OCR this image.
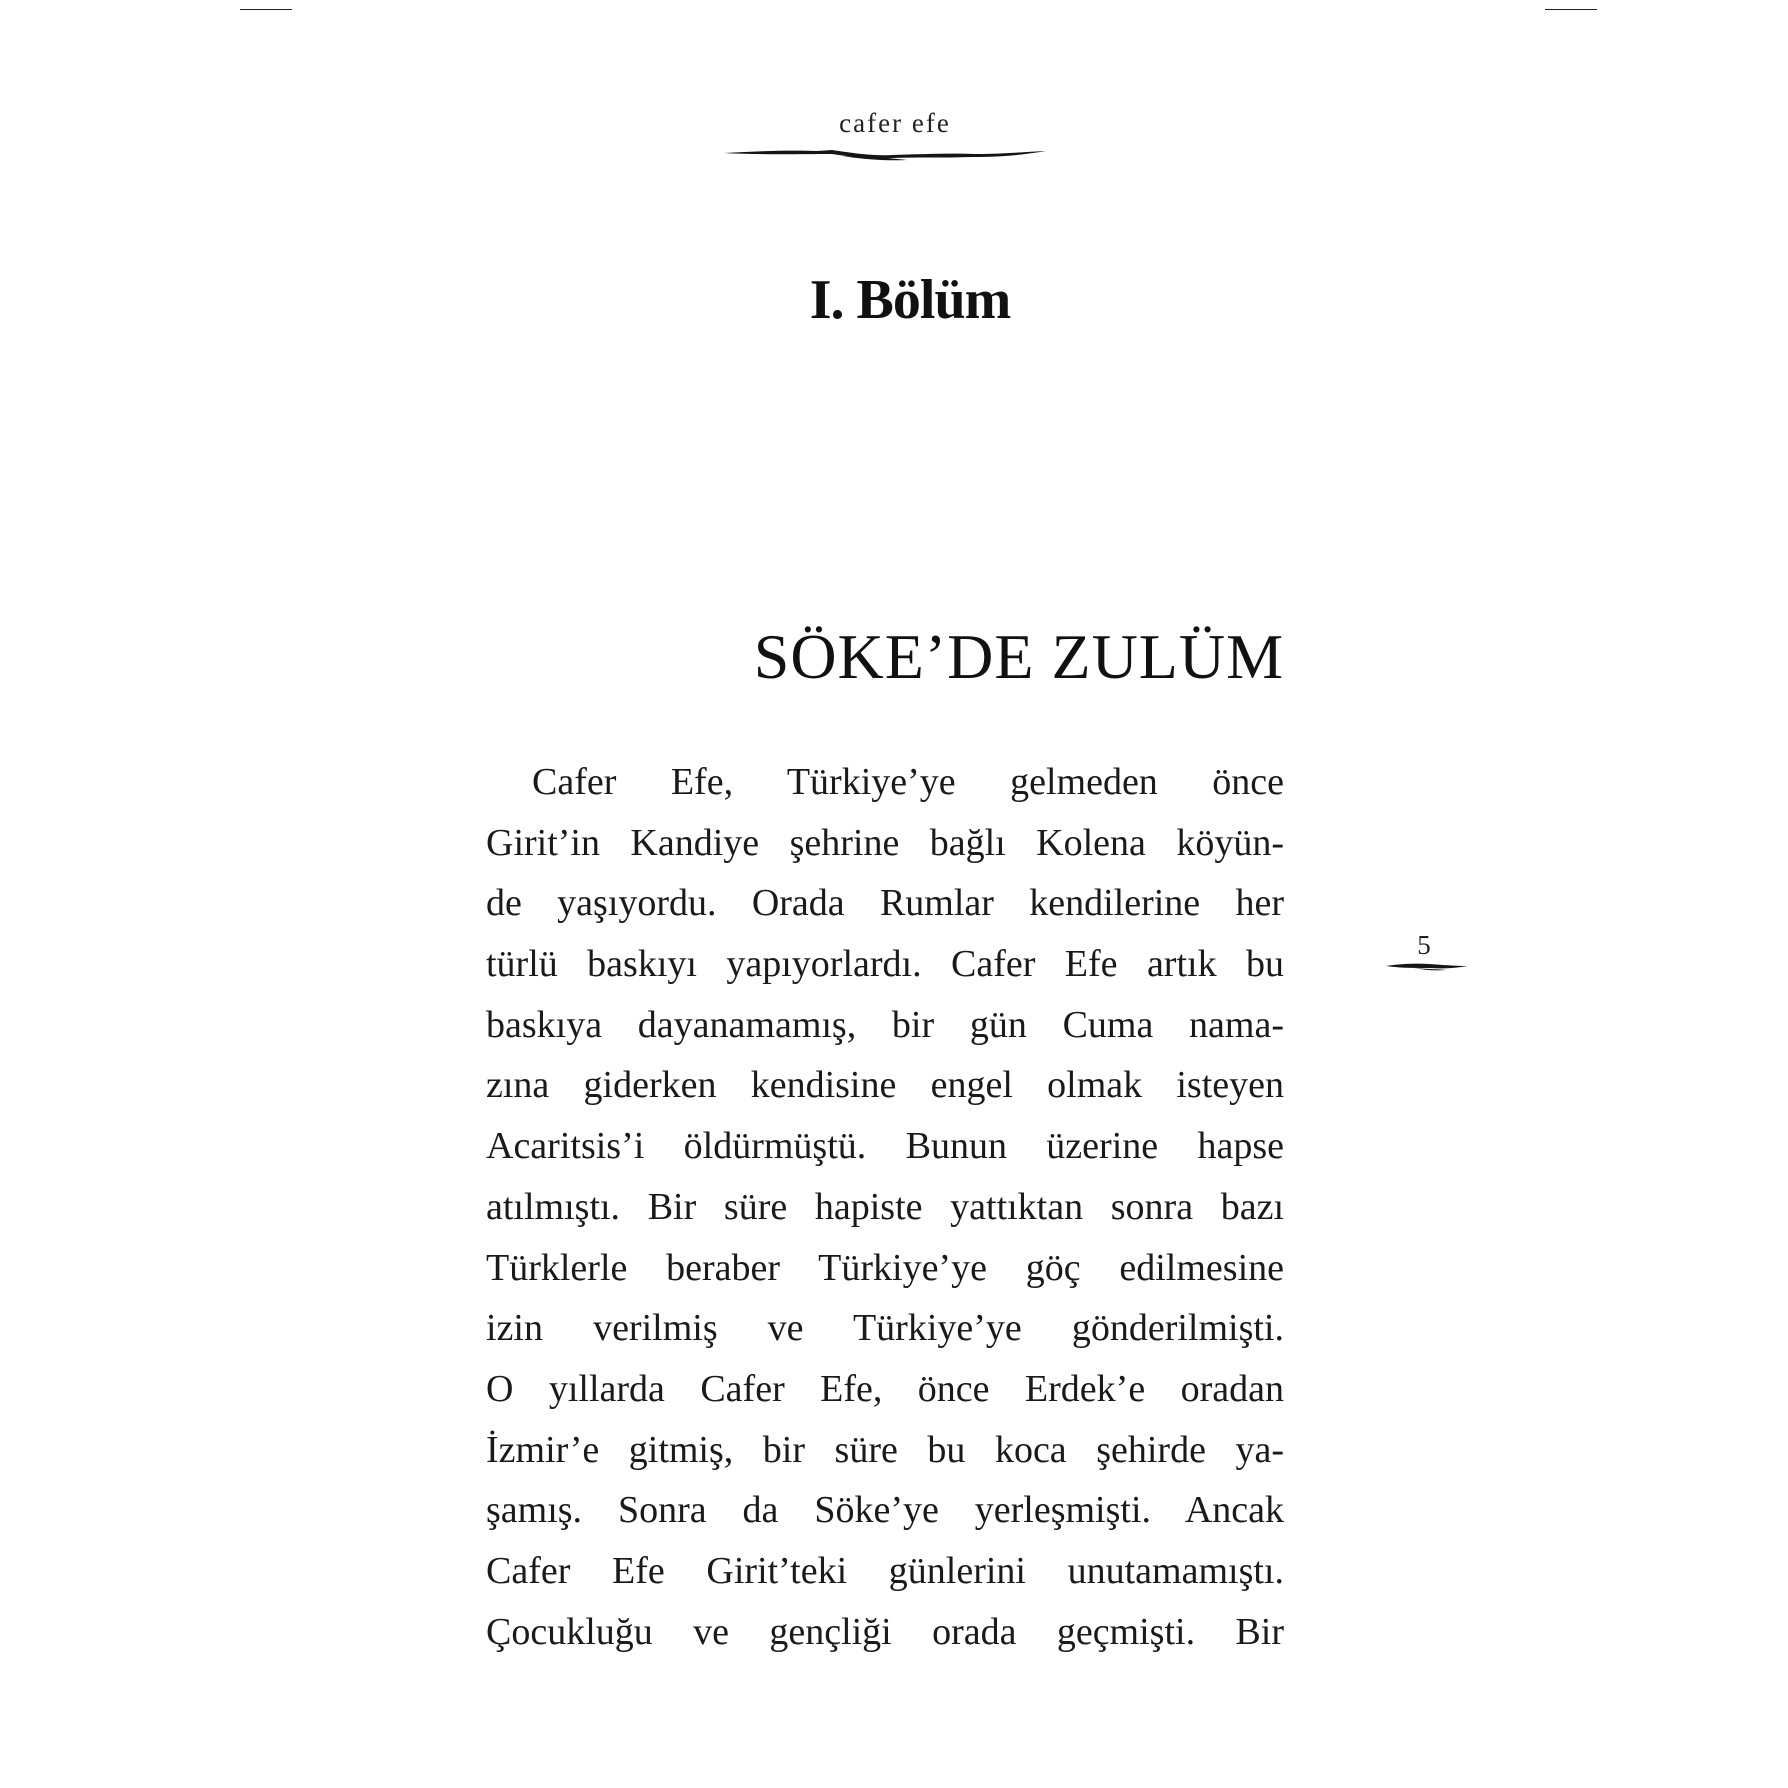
cafer efe
I. Bölüm
SÖKE’DE ZULÜM
Cafer Efe, Türkiye’ye gelmeden önce
Girit’in Kandiye şehrine bağlı Kolena köyün-
de yaşıyordu. Orada Rumlar kendilerine her
türlü baskıyı yapıyorlardı. Cafer Efe artık bu
baskıya dayanamamış, bir gün Cuma nama-
zına giderken kendisine engel olmak isteyen
Acaritsis’i öldürmüştü. Bunun üzerine hapse
atılmıştı. Bir süre hapiste yattıktan sonra bazı
Türklerle beraber Türkiye’ye göç edilmesine
izin verilmiş ve Türkiye’ye gönderilmişti.
O yıllarda Cafer Efe, önce Erdek’e oradan
İzmir’e gitmiş, bir süre bu koca şehirde ya-
şamış. Sonra da Söke’ye yerleşmişti. Ancak
Cafer Efe Girit’teki günlerini unutamamıştı.
Çocukluğu ve gençliği orada geçmişti. Bir
5
